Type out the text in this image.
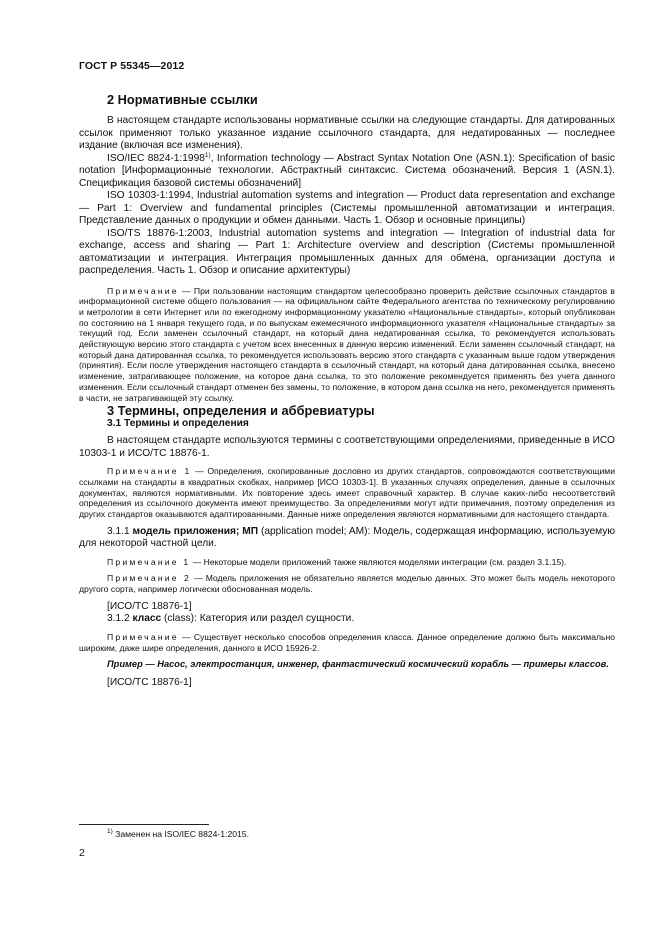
ГОСТ Р 55345—2012
2 Нормативные ссылки

В настоящем стандарте использованы нормативные ссылки на следующие стандарты. Для датированных ссылок применяют только указанное издание ссылочного стандарта, для недатированных — последнее издание (включая все изменения).

ISO/IEC 8824-1:1998$^{1)}$, Information technology — Abstract Syntax Notation One (ASN.1): Specification of basic notation [Информационные технологии. Абстрактный синтаксис. Система обозначений. Версия 1 (ASN.1). Спецификация базовой системы обозначений]

ISO 10303-1:1994, Industrial automation systems and integration — Product data representation and exchange — Part 1: Overview and fundamental principles (Системы промышленной автоматизации и интеграция. Представление данных о продукции и обмен данными. Часть 1. Обзор и основные принципы)

ISO/TS 18876-1:2003, Industrial automation systems and integration — Integration of industrial data for exchange, access and sharing — Part 1: Architecture overview and description (Системы промышленной автоматизации и интеграция. Интеграция промышленных данных для обмена, организации доступа и распределения. Часть 1. Обзор и описание архитектуры)

Примечание — При пользовании настоящим стандартом целесообразно проверить действие ссылочных стандартов в информационной системе общего пользования — на официальном сайте Федерального агентства по техническому регулированию и метрологии в сети Интернет или по ежегодному информационному указателю «Национальные стандарты», который опубликован по состоянию на 1 января текущего года, и по выпускам ежемесячного информационного указателя «Национальные стандарты» за текущий год. Если заменен ссылочный стандарт, на который дана недатированная ссылка, то рекомендуется использовать действующую версию этого стандарта с учетом всех внесенных в данную версию изменений. Если заменен ссылочный стандарт, на который дана датированная ссылка, то рекомендуется использовать версию этого стандарта с указанным выше годом утверждения (принятия). Если после утверждения настоящего стандарта в ссылочный стандарт, на который дана датированная ссылка, внесено изменение, затрагивающее положение, на которое дана ссылка, то это положение рекомендуется применять без учета данного изменения. Если ссылочный стандарт отменен без замены, то положение, в котором дана ссылка на него, рекомендуется применять в части, не затрагивающей эту ссылку.

3 Термины, определения и аббревиатуры
3.1 Термины и определения

В настоящем стандарте используются термины с соответствующими определениями, приведенные в ИСО 10303-1 и ИСО/ТС 18876-1.

Примечание 1 — Определения, скопированные дословно из других стандартов, сопровождаются соответствующими ссылками на стандарты в квадратных скобках, например [ИСО 10303-1]. В указанных случаях определения, данные в ссылочных документах, являются нормативными. Их повторение здесь имеет справочный характер. В случае каких-либо несоответствий определения из ссылочного документа имеют преимущество. За определениями могут идти примечания, поэтому определения из других стандартов оказываются адаптированными. Данные ниже определения являются нормативными для настоящего стандарта.

3.1.1 модель приложения; МП (application model; AM): Модель, содержащая информацию, используемую для некоторой частной цели.

Примечание 1 — Некоторые модели приложений также являются моделями интеграции (см. раздел 3.1.15).

Примечание 2 — Модель приложения не обязательно является моделью данных. Это может быть модель некоторого другого сорта, например логически обоснованная модель.

[ИСО/ТС 18876-1]

3.1.2 класс (class): Категория или раздел сущности.

Примечание — Существует несколько способов определения класса. Данное определение должно быть максимально широким, даже шире определения, данного в ИСО 15926-2.

Пример — Насос, электростанция, инженер, фантастический космический корабль — примеры классов.

[ИСО/ТС 18876-1]

$^{1)}$ Заменен на ISO/IEC 8824-1:2015.
2
